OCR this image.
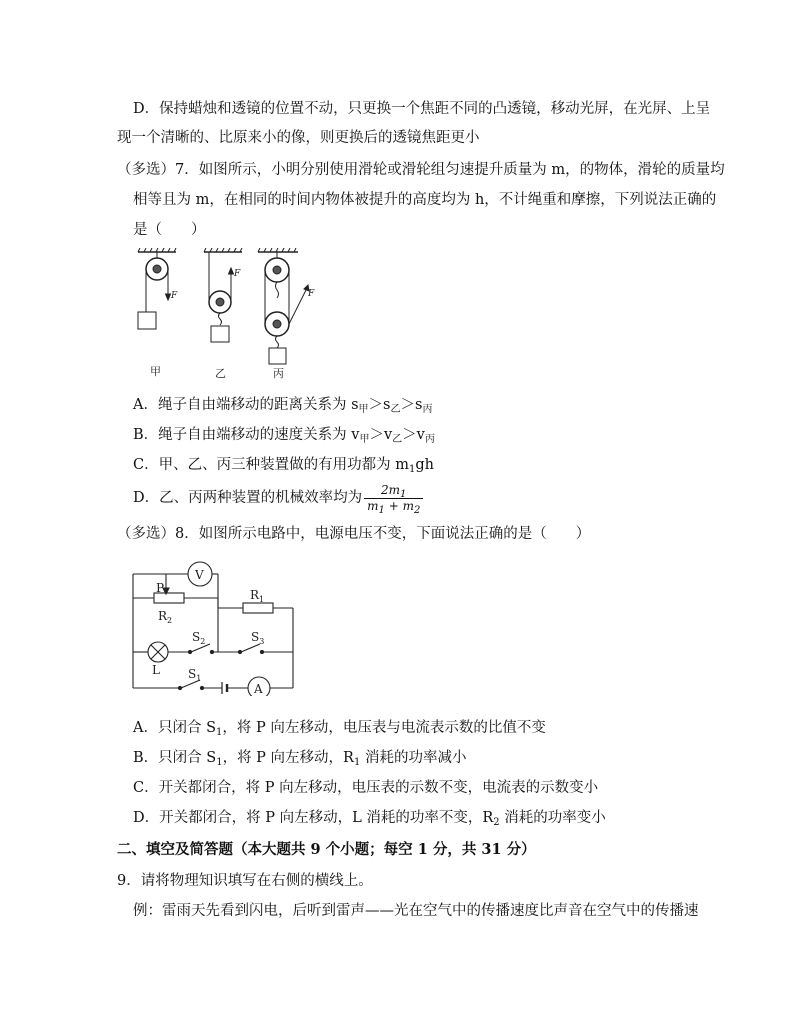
D．保持蜡烛和透镜的位置不动，只更换一个焦距不同的凸透镜，移动光屏，在光屏、上呈
现一个清晰的、比原来小的像，则更换后的透镜焦距更小
（多选）7．如图所示，小明分别使用滑轮或滑轮组匀速提升质量为 m，的物体，滑轮的质量均
相等且为 m，在相同的时间内物体被提升的高度均为 h，不计绳重和摩擦，下列说法正确的
是（　　）
F
F
F
甲	乙	丙
A．绳子自由端移动的距离关系为 $s_甲>s_乙>s_丙$
B．绳子自由端移动的速度关系为 $v_甲>v_乙>v_丙$
C．甲、乙、丙三种装置做的有用功都为 $m_1gh$
D．乙、丙两种装置的机械效率均为 $\frac{2m_1}{m_1 + m_2}$
（多选）8．如图所示电路中，电源电压不变，下面说法正确的是（　　）
V
A
P
$R_2$
$R_1$
$S_2$	$S_3$
$S_1$
L
A．只闭合 $S_1$，将 P 向左移动，电压表与电流表示数的比值不变
B．只闭合 $S_1$，将 P 向左移动，$R_1$ 消耗的功率减小
C．开关都闭合，将 P 向左移动，电压表的示数不变，电流表的示数变小
D．开关都闭合，将 P 向左移动，L 消耗的功率不变，$R_2$ 消耗的功率变小
二、填空及简答题（本大题共 9 个小题；每空 1 分，共 31 分）
9．请将物理知识填写在右侧的横线上。
例：雷雨天先看到闪电，后听到雷声——光在空气中的传播速度比声音在空气中的传播速
